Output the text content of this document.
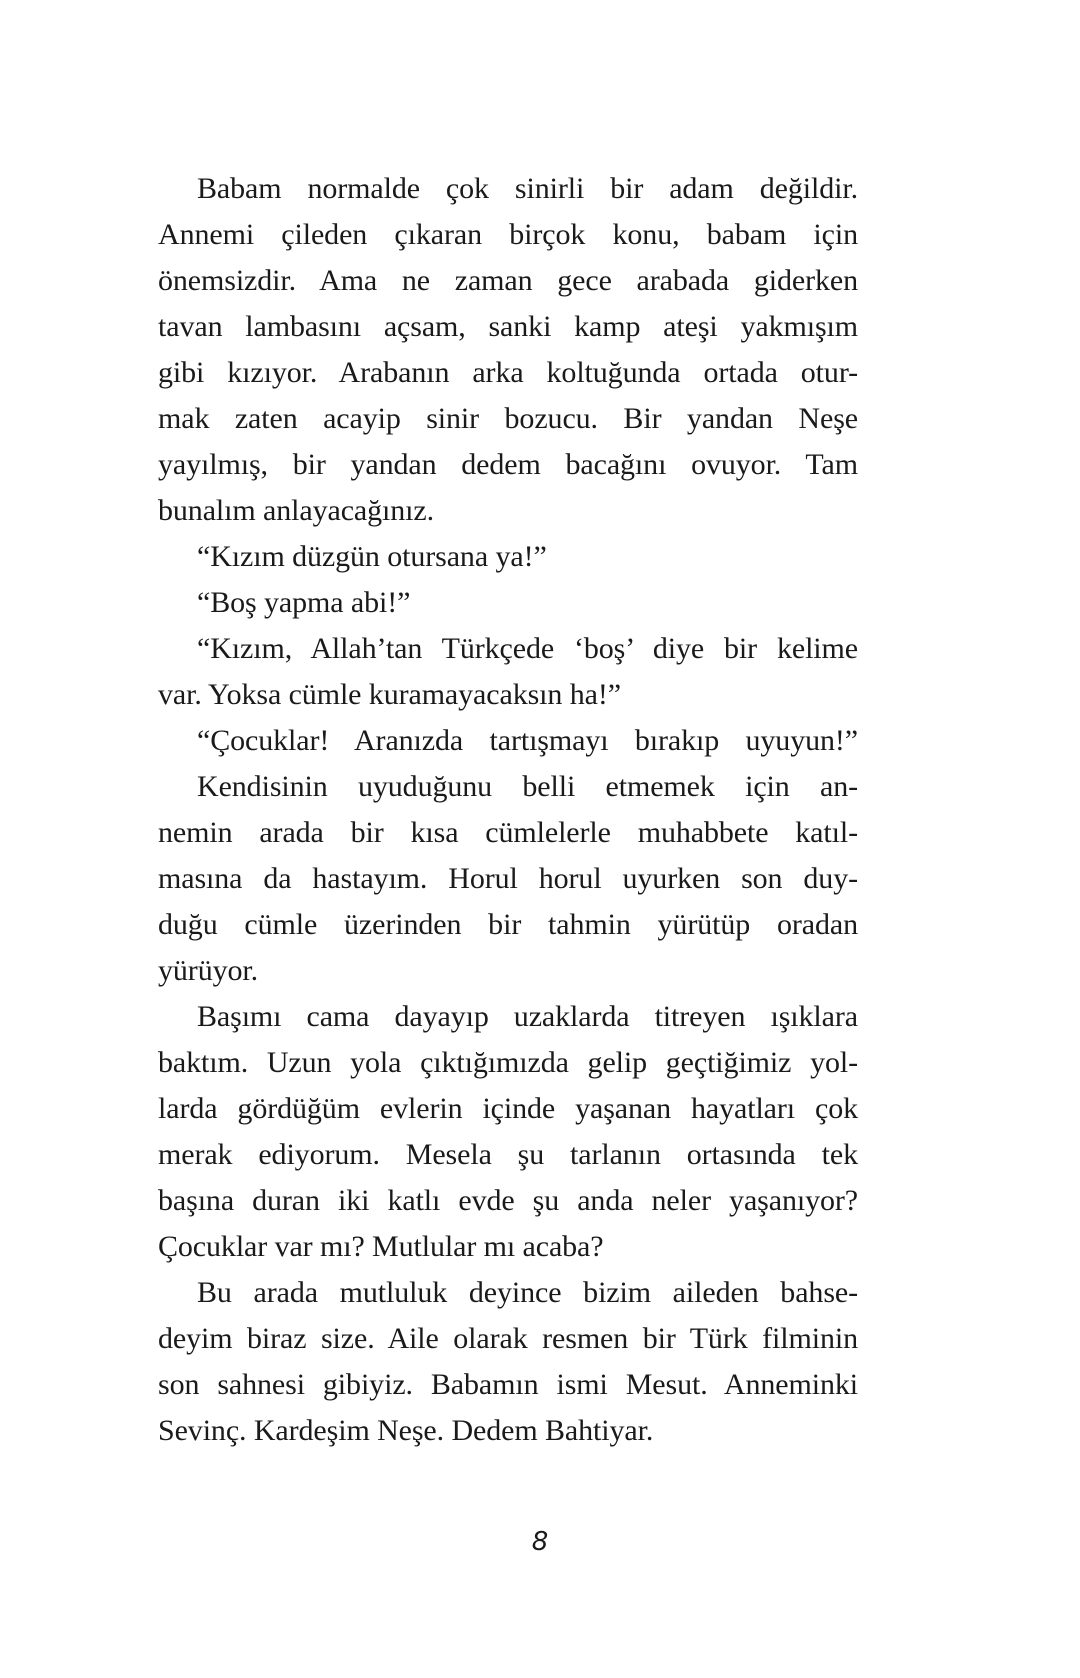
Babam normalde çok sinirli bir adam değildir.
Annemi çileden çıkaran birçok konu, babam için
önemsizdir. Ama ne zaman gece arabada giderken
tavan lambasını açsam, sanki kamp ateşi yakmışım
gibi kızıyor. Arabanın arka koltuğunda ortada otur-
mak zaten acayip sinir bozucu. Bir yandan Neşe
yayılmış, bir yandan dedem bacağını ovuyor. Tam
bunalım anlayacağınız.
“Kızım düzgün otursana ya!”
“Boş yapma abi!”
“Kızım, Allah’tan Türkçede ‘boş’ diye bir kelime
var. Yoksa cümle kuramayacaksın ha!”
“Çocuklar! Aranızda tartışmayı bırakıp uyuyun!”
Kendisinin uyuduğunu belli etmemek için an-
nemin arada bir kısa cümlelerle muhabbete katıl-
masına da hastayım. Horul horul uyurken son duy-
duğu cümle üzerinden bir tahmin yürütüp oradan
yürüyor.
Başımı cama dayayıp uzaklarda titreyen ışıklara
baktım. Uzun yola çıktığımızda gelip geçtiğimiz yol-
larda gördüğüm evlerin içinde yaşanan hayatları çok
merak ediyorum. Mesela şu tarlanın ortasında tek
başına duran iki katlı evde şu anda neler yaşanıyor?
Çocuklar var mı? Mutlular mı acaba?
Bu arada mutluluk deyince bizim aileden bahse-
deyim biraz size. Aile olarak resmen bir Türk filminin
son sahnesi gibiyiz. Babamın ismi Mesut. Anneminki
Sevinç. Kardeşim Neşe. Dedem Bahtiyar.
8
